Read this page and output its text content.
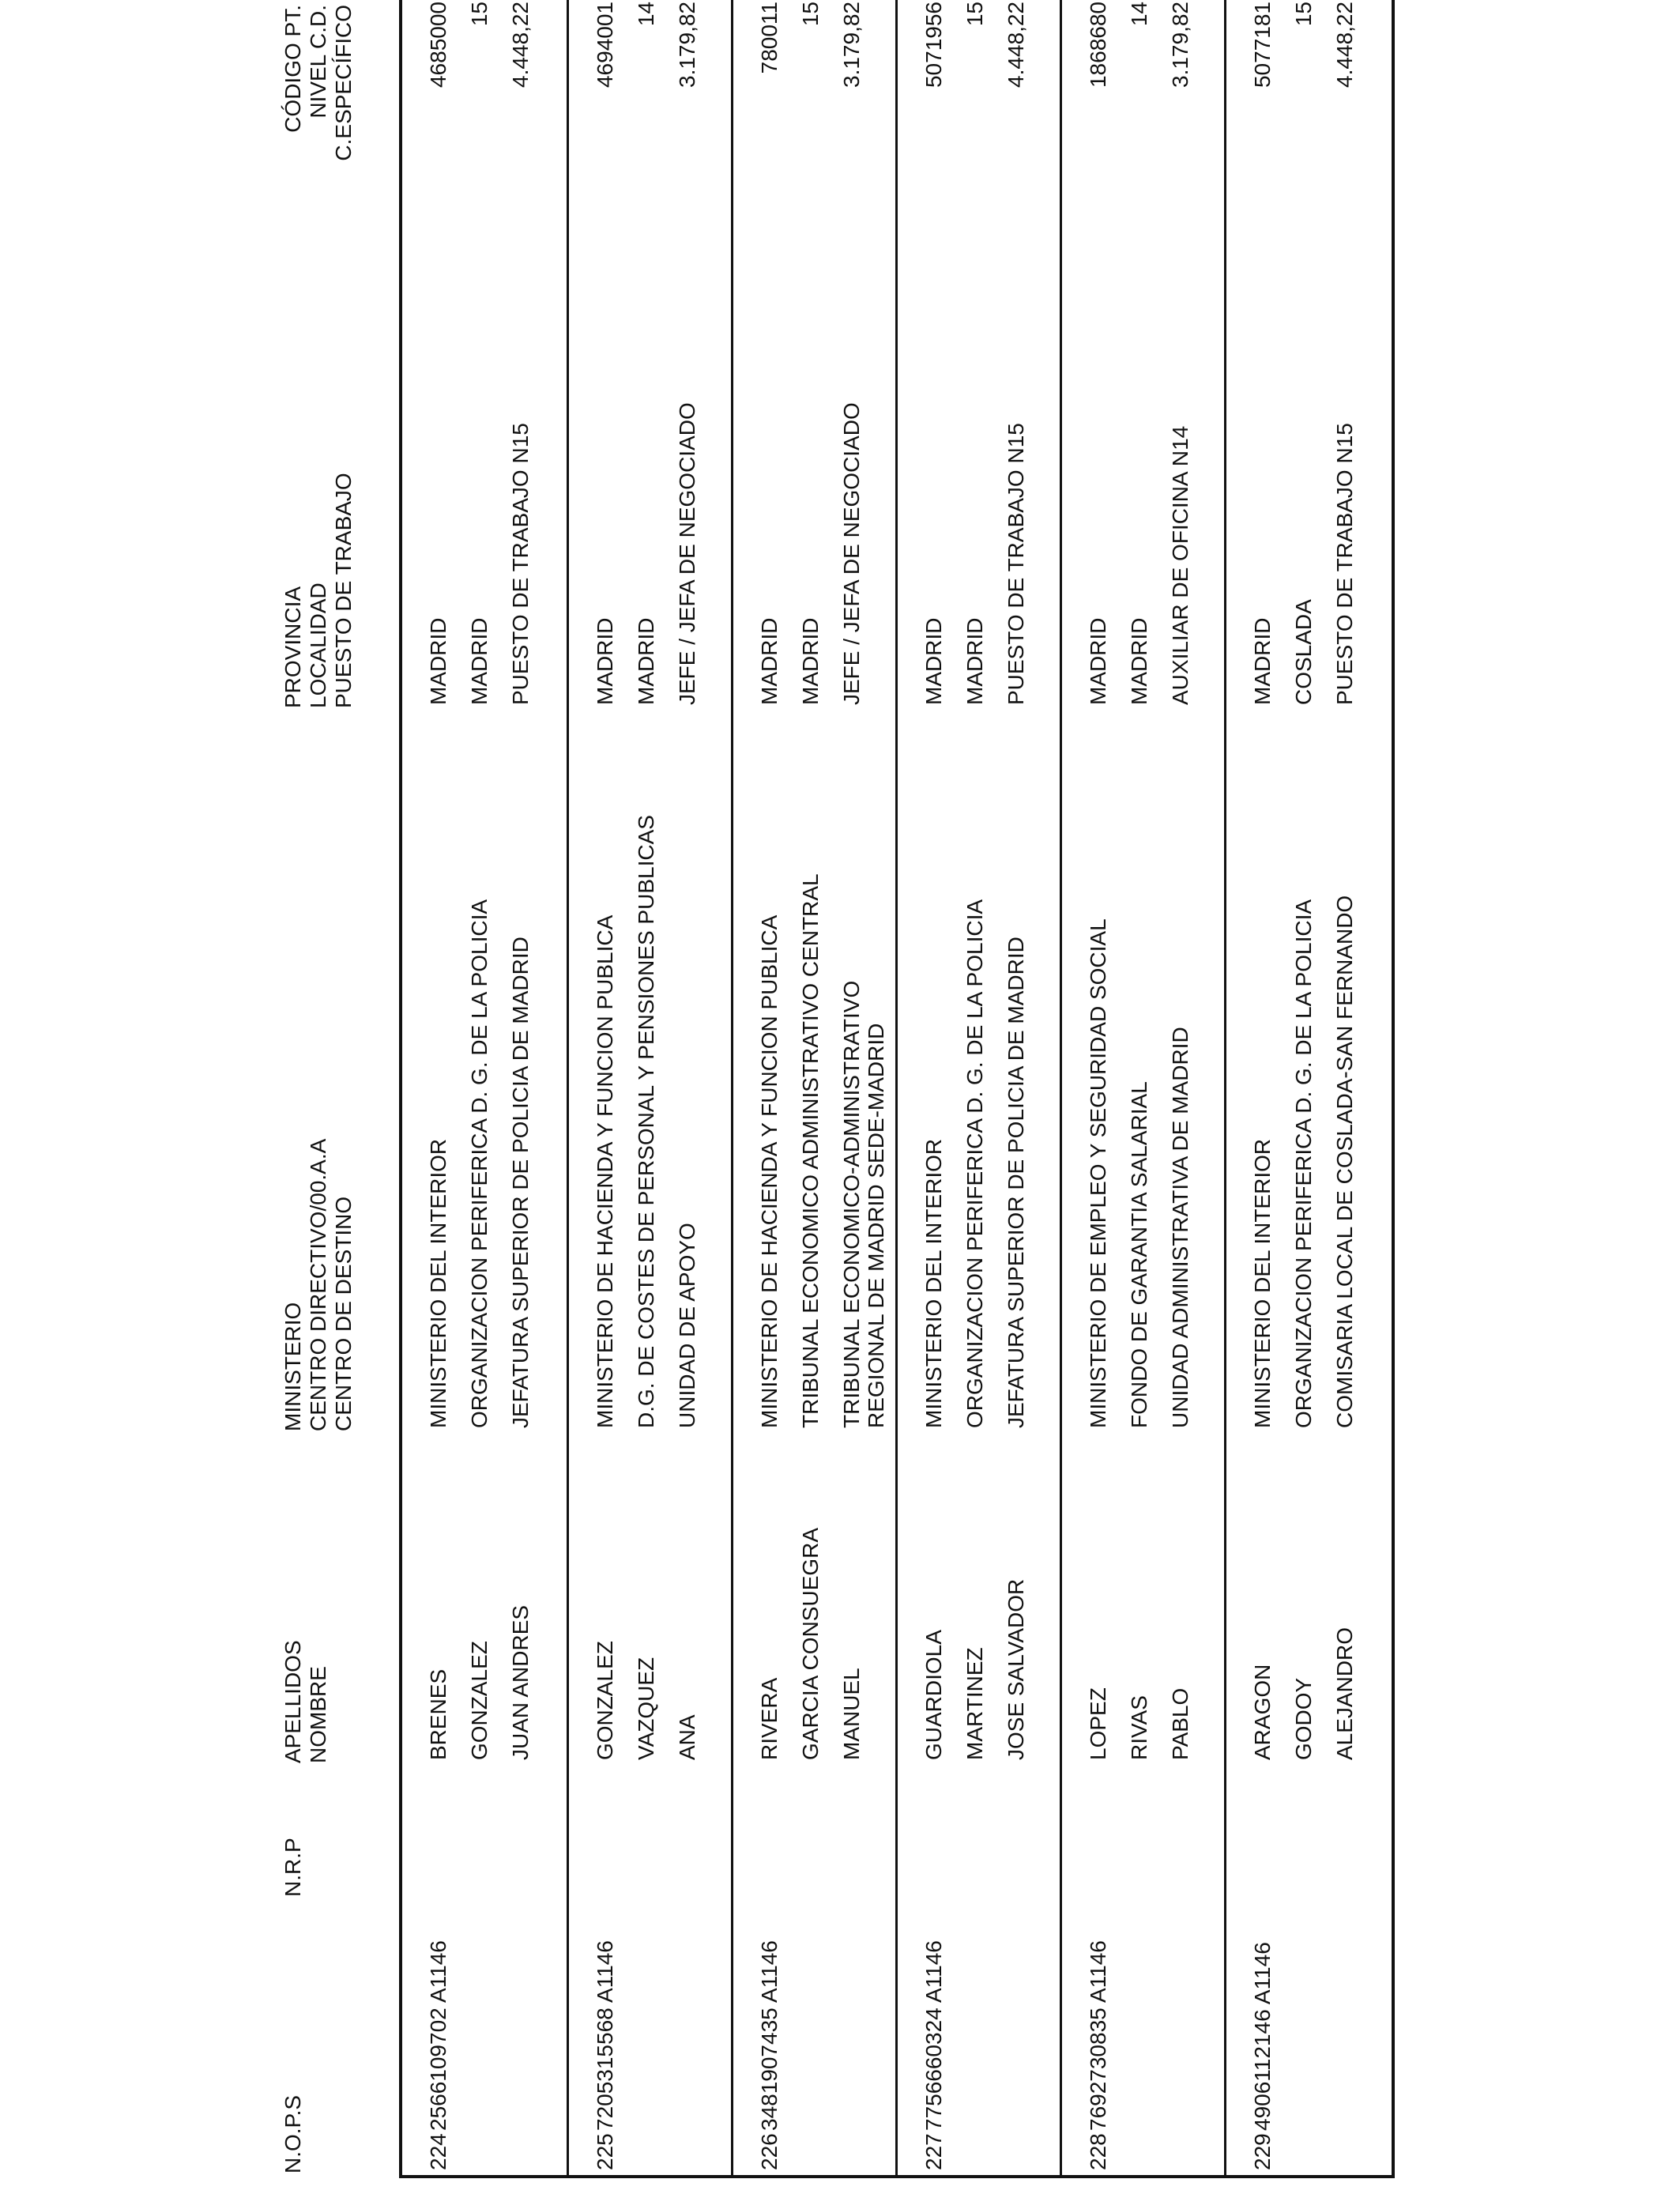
N.O.P.S
N.R.P
APELLIDOS NOMBRE
MINISTERIO CENTRO DIRECTIVO/00.A.A CENTRO DE DESTINO
PROVINCIA LOCALIDAD PUESTO DE TRABAJO
CÓDIGO PT. NIVEL C.D. C.ESPECÍFICO
224
2566109702 A1146
BRENES GONZALEZ JUAN ANDRES
MINISTERIO DEL INTERIOR ORGANIZACION PERIFERICA D. G. DE LA POLICIA JEFATURA SUPERIOR DE POLICIA DE MADRID
MADRID MADRID PUESTO DE TRABAJO N15
4685000 15 4.448,22
225
7205315568 A1146
GONZALEZ VAZQUEZ ANA
MINISTERIO DE HACIENDA Y FUNCION PUBLICA D.G. DE COSTES DE PERSONAL Y PENSIONES PUBLICAS UNIDAD DE APOYO
MADRID MADRID JEFE / JEFA DE NEGOCIADO
4694001 14 3.179,82
226
3481907435 A1146
RIVERA GARCIA CONSUEGRA MANUEL
MINISTERIO DE HACIENDA Y FUNCION PUBLICA TRIBUNAL ECONOMICO ADMINISTRATIVO CENTRAL TRIBUNAL ECONOMICO-ADMINISTRATIVO REGIONAL DE MADRID SEDE-MADRID
MADRID MADRID JEFE / JEFA DE NEGOCIADO
780011 15 3.179,82
227
7756660324 A1146
GUARDIOLA MARTINEZ JOSE SALVADOR
MINISTERIO DEL INTERIOR ORGANIZACION PERIFERICA D. G. DE LA POLICIA JEFATURA SUPERIOR DE POLICIA DE MADRID
MADRID MADRID PUESTO DE TRABAJO N15
5071956 15 4.448,22
228
7692730835 A1146
LOPEZ RIVAS PABLO
MINISTERIO DE EMPLEO Y SEGURIDAD SOCIAL FONDO DE GARANTIA SALARIAL UNIDAD ADMINISTRATIVA DE MADRID
MADRID MADRID AUXILIAR DE OFICINA N14
1868680 14 3.179,82
229
4906112146 A1146
ARAGON GODOY ALEJANDRO
MINISTERIO DEL INTERIOR ORGANIZACION PERIFERICA D. G. DE LA POLICIA COMISARIA LOCAL DE COSLADA-SAN FERNANDO
MADRID COSLADA PUESTO DE TRABAJO N15
5077181 15 4.448,22
